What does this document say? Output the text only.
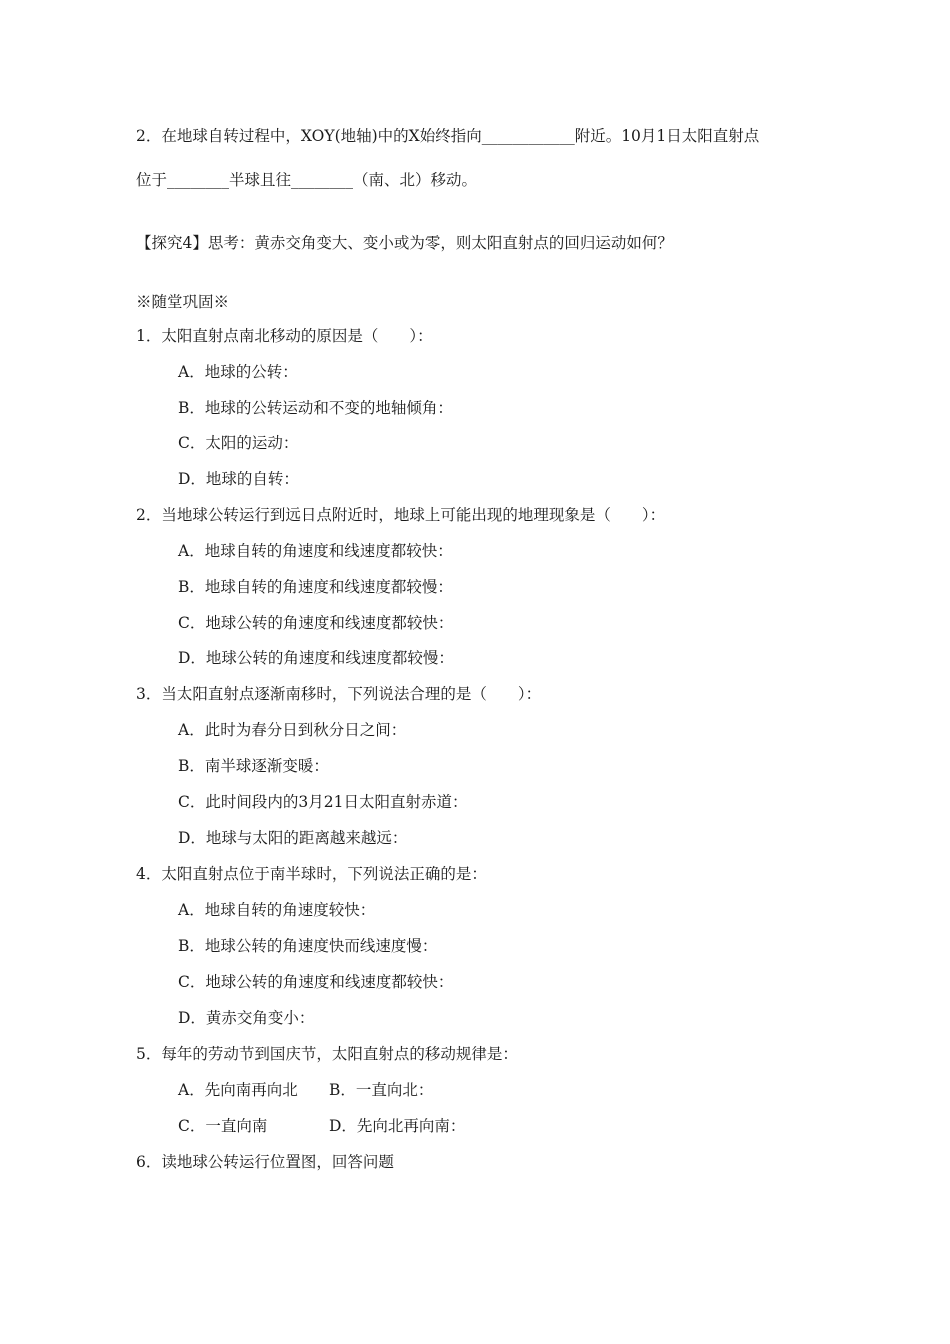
2．在地球自转过程中，XOY(地轴)中的X始终指向____________附近。10月1日太阳直射点
位于________半球且往________（南、北）移动。
【探究4】思考：黄赤交角变大、变小或为零，则太阳直射点的回归运动如何？
※随堂巩固※
1．太阳直射点南北移动的原因是（　　）：
A．地球的公转：
B．地球的公转运动和不变的地轴倾角：
C．太阳的运动：
D．地球的自转：
2．当地球公转运行到远日点附近时，地球上可能出现的地理现象是（　　）：
A．地球自转的角速度和线速度都较快：
B．地球自转的角速度和线速度都较慢：
C．地球公转的角速度和线速度都较快：
D．地球公转的角速度和线速度都较慢：
3．当太阳直射点逐渐南移时，下列说法合理的是（　　）：
A．此时为春分日到秋分日之间：
B．南半球逐渐变暖：
C．此时间段内的3月21日太阳直射赤道：
D．地球与太阳的距离越来越远：
4．太阳直射点位于南半球时，下列说法正确的是：
A．地球自转的角速度较快：
B．地球公转的角速度快而线速度慢：
C．地球公转的角速度和线速度都较快：
D．黄赤交角变小：
5．每年的劳动节到国庆节，太阳直射点的移动规律是：
A．先向南再向北 B．一直向北：
C．一直向南	D．先向北再向南：
6．读地球公转运行位置图，回答问题
